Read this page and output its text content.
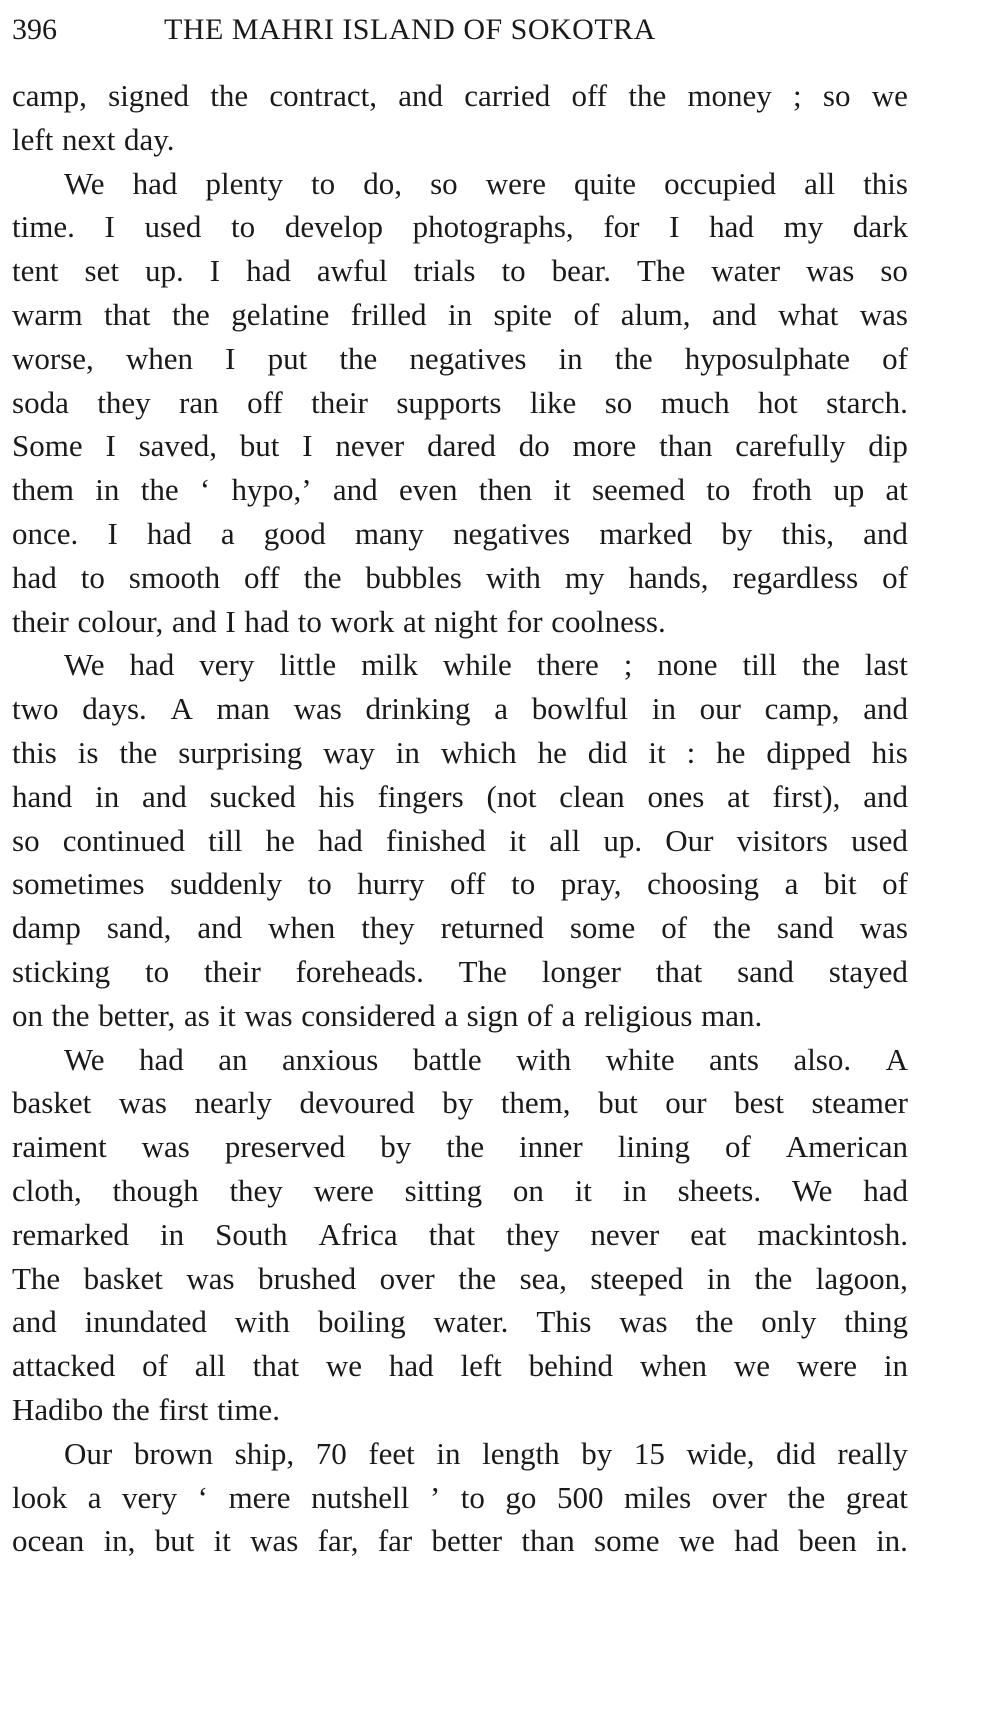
396	THE MAHRI ISLAND OF SOKOTRA
camp, signed the contract, and carried off the money ; so we
left next day.
We had plenty to do, so were quite occupied all this
time. I used to develop photographs, for I had my dark
tent set up. I had awful trials to bear. The water was so
warm that the gelatine frilled in spite of alum, and what was
worse, when I put the negatives in the hyposulphate of
soda they ran off their supports like so much hot starch.
Some I saved, but I never dared do more than carefully dip
them in the ‘ hypo,’ and even then it seemed to froth up at
once. I had a good many negatives marked by this, and
had to smooth off the bubbles with my hands, regardless of
their colour, and I had to work at night for coolness.
We had very little milk while there ; none till the last
two days. A man was drinking a bowlful in our camp, and
this is the surprising way in which he did it : he dipped his
hand in and sucked his fingers (not clean ones at first), and
so continued till he had finished it all up. Our visitors used
sometimes suddenly to hurry off to pray, choosing a bit of
damp sand, and when they returned some of the sand was
sticking to their foreheads. The longer that sand stayed
on the better, as it was considered a sign of a religious man.
We had an anxious battle with white ants also. A
basket was nearly devoured by them, but our best steamer
raiment was preserved by the inner lining of American
cloth, though they were sitting on it in sheets. We had
remarked in South Africa that they never eat mackintosh.
The basket was brushed over the sea, steeped in the lagoon,
and inundated with boiling water. This was the only thing
attacked of all that we had left behind when we were in
Hadibo the first time.
Our brown ship, 70 feet in length by 15 wide, did really
look a very ‘ mere nutshell ’ to go 500 miles over the great
ocean in, but it was far, far better than some we had been in.
